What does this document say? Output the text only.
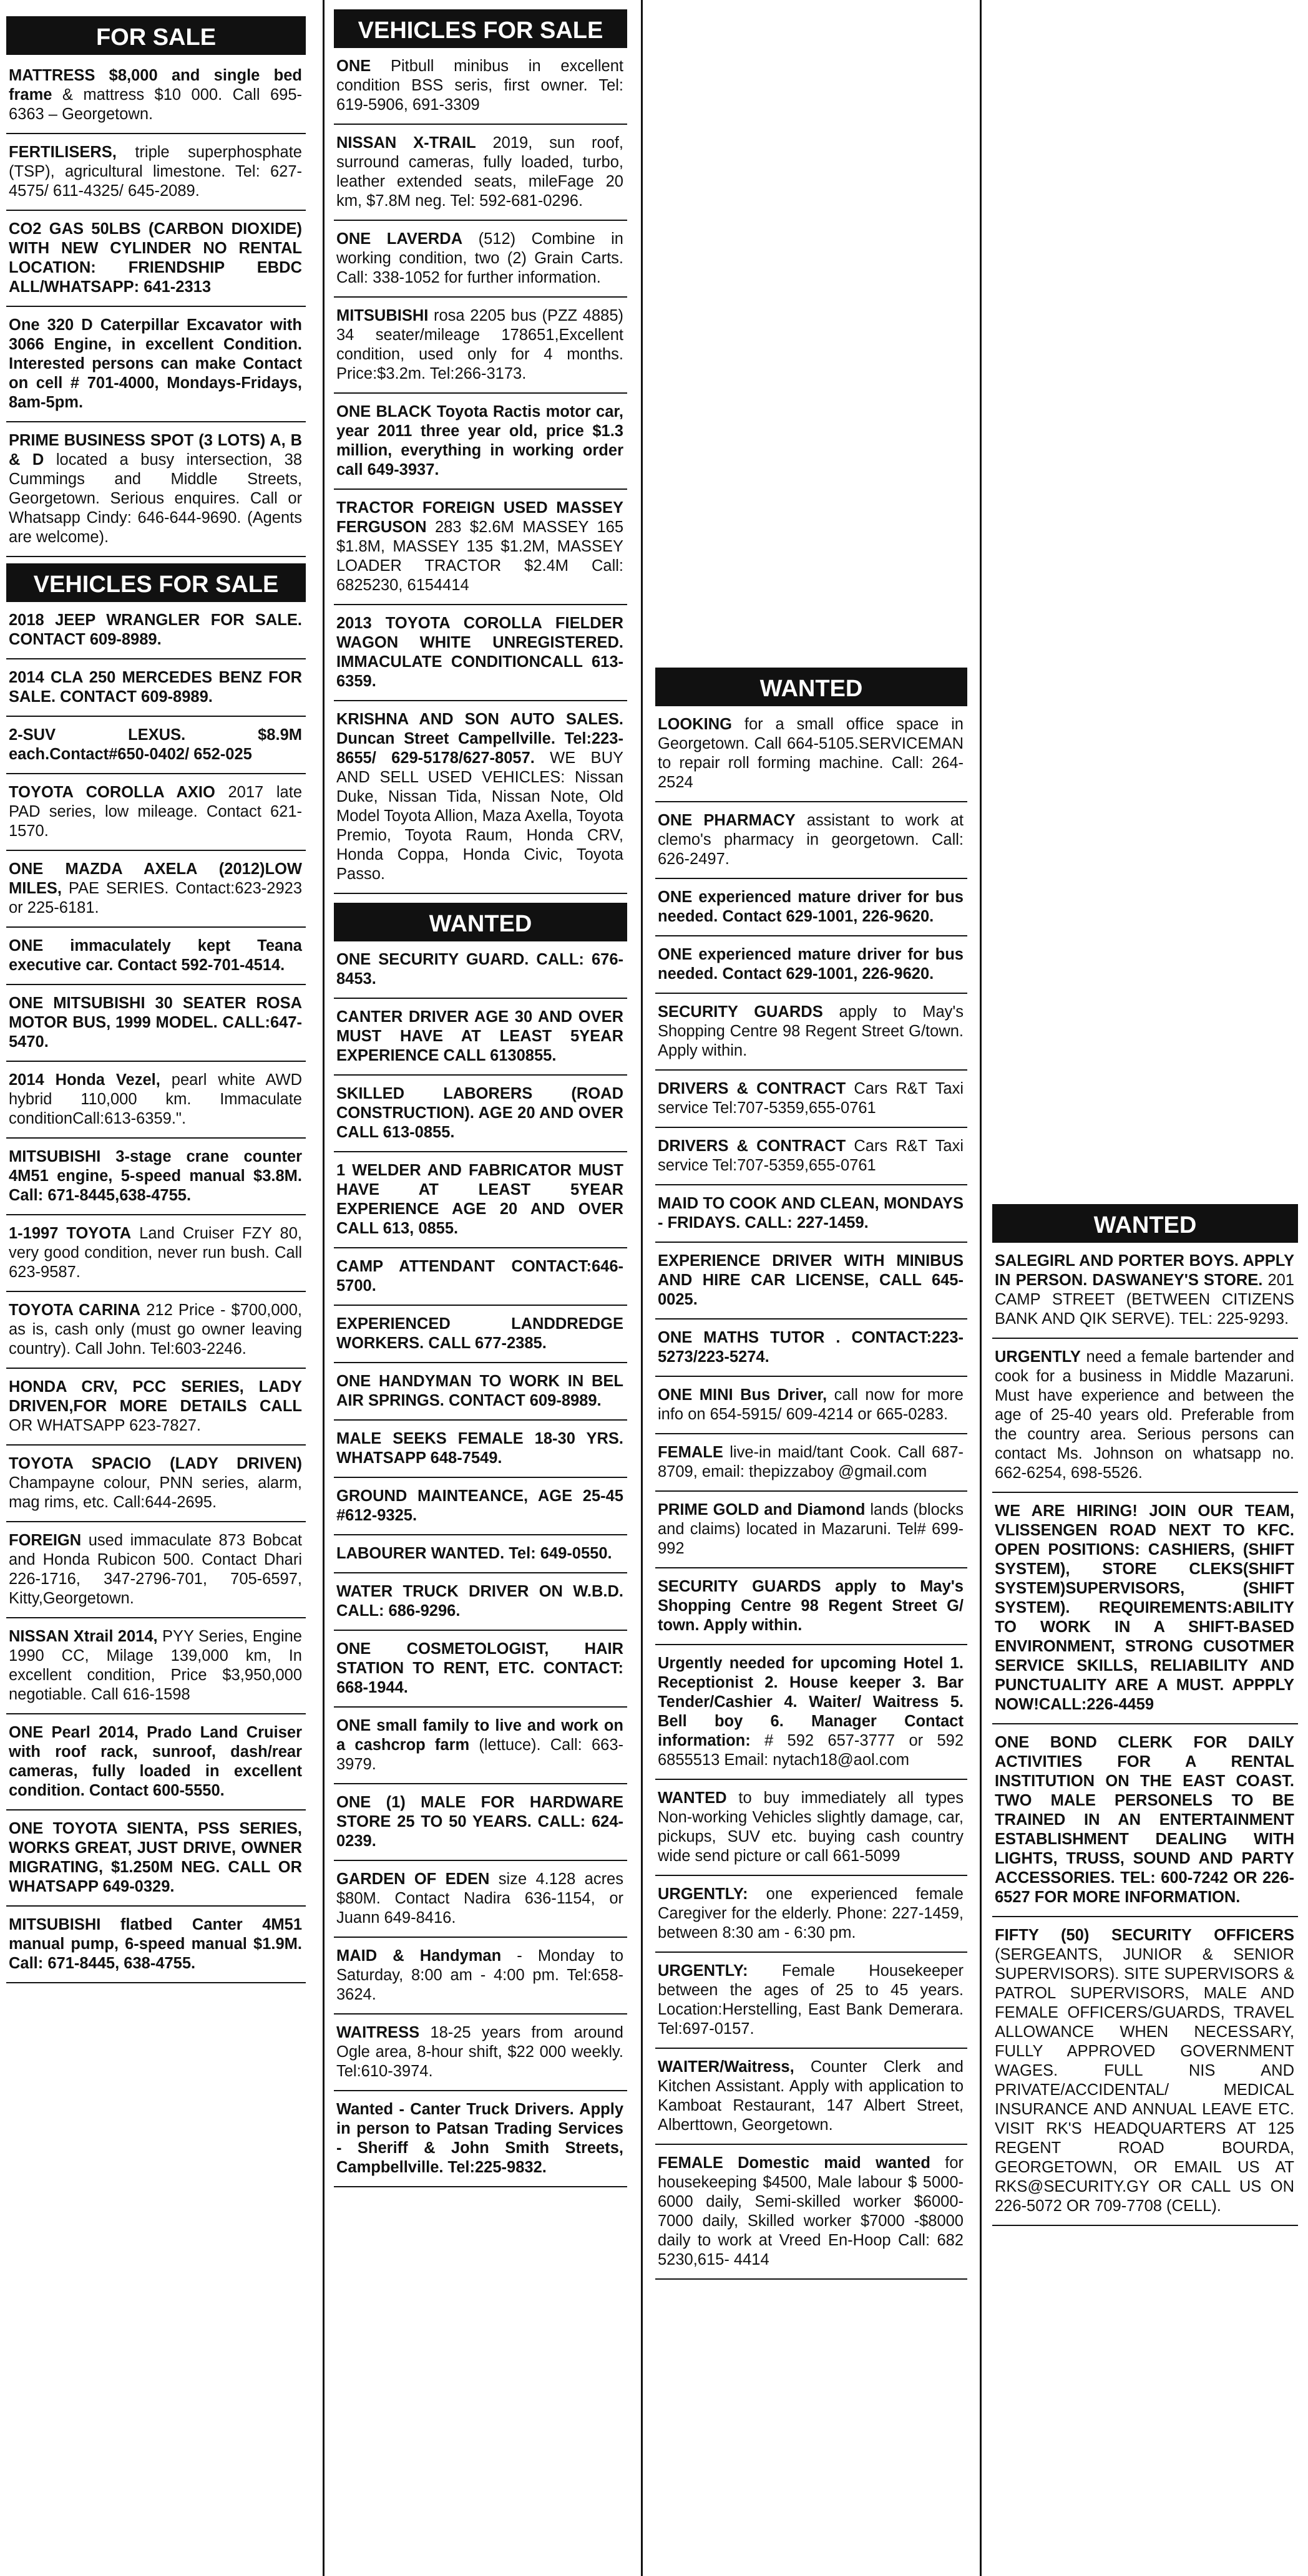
FOR SALE
MATTRESS $8,000 and single bed frame & mattress $10 000. Call 695-6363 – Georgetown.
FERTILISERS, triple superphosphate (TSP), agricultural limestone. Tel: 627-4575/ 611-4325/ 645-2089.
CO2 GAS 50LBS (CARBON DIOXIDE) WITH NEW CYLINDER NO RENTAL LOCATION: FRIENDSHIP EBDC ALL/WHATSAPP: 641-2313
One 320 D Caterpillar Excavator with 3066 Engine, in excellent Condition. Interested persons can make Contact on cell # 701-4000, Mondays-Fridays, 8am-5pm.
PRIME BUSINESS SPOT (3 LOTS) A, B & D located a busy intersection, 38 Cummings and Middle Streets, Georgetown. Serious enquires. Call or Whatsapp Cindy: 646-644-9690. (Agents are welcome).
VEHICLES FOR SALE
2018 JEEP WRANGLER FOR SALE. CONTACT 609-8989.
2014 CLA 250 MERCEDES BENZ FOR SALE. CONTACT 609-8989.
2-SUV LEXUS. $8.9M each.Contact#650-0402/ 652-025
TOYOTA COROLLA AXIO 2017 late PAD series, low mileage. Contact 621-1570.
ONE MAZDA AXELA (2012)LOW MILES, PAE SERIES. Contact:623-2923 or 225-6181.
ONE immaculately kept Teana executive car. Contact 592-701-4514.
ONE MITSUBISHI 30 SEATER ROSA MOTOR BUS, 1999 MODEL. CALL:647-5470.
2014 Honda Vezel, pearl white AWD hybrid 110,000 km. Immaculate conditionCall:613-6359.".
MITSUBISHI 3-stage crane counter 4M51 engine, 5-speed manual $3.8M. Call: 671-8445,638-4755.
1-1997 TOYOTA Land Cruiser FZY 80, very good condition, never run bush. Call 623-9587.
TOYOTA CARINA 212 Price - $700,000, as is, cash only (must go owner leaving country). Call John. Tel:603-2246.
HONDA CRV, PCC SERIES, LADY DRIVEN,FOR MORE DETAILS CALL OR WHATSAPP 623-7827.
TOYOTA SPACIO (LADY DRIVEN) Champayne colour, PNN series, alarm, mag rims, etc. Call:644-2695.
FOREIGN used immaculate 873 Bobcat and Honda Rubicon 500. Contact Dhari 226-1716, 347-2796-701, 705-6597, Kitty,Georgetown.
NISSAN Xtrail 2014, PYY Series, Engine 1990 CC, Milage 139,000 km, In excellent condition, Price $3,950,000 negotiable. Call 616-1598
ONE Pearl 2014, Prado Land Cruiser with roof rack, sunroof, dash/rear cameras, fully loaded in excellent condition. Contact 600-5550.
ONE TOYOTA SIENTA, PSS SERIES, WORKS GREAT, JUST DRIVE, OWNER MIGRATING, $1.250M NEG. CALL OR WHATSAPP 649-0329.
MITSUBISHI flatbed Canter 4M51 manual pump, 6-speed manual $1.9M. Call: 671-8445, 638-4755.
VEHICLES FOR SALE
ONE Pitbull minibus in excellent condition BSS seris, first owner. Tel: 619-5906, 691-3309
NISSAN X-TRAIL 2019, sun roof, surround cameras, fully loaded, turbo, leather extended seats, mileFage 20 km, $7.8M neg. Tel: 592-681-0296.
ONE LAVERDA (512) Combine in working condition, two (2) Grain Carts. Call: 338-1052 for further information.
MITSUBISHI rosa 2205 bus (PZZ 4885) 34 seater/mileage 178651,Excellent condition, used only for 4 months. Price:$3.2m. Tel:266-3173.
ONE BLACK Toyota Ractis motor car, year 2011 three year old, price $1.3 million, everything in working order call 649-3937.
TRACTOR FOREIGN USED MASSEY FERGUSON 283 $2.6M MASSEY 165 $1.8M, MASSEY 135 $1.2M, MASSEY LOADER TRACTOR $2.4M Call: 6825230, 6154414
2013 TOYOTA COROLLA FIELDER WAGON WHITE UNREGISTERED. IMMACULATE CONDITIONCALL 613-6359.
KRISHNA AND SON AUTO SALES. Duncan Street Campellville. Tel:223-8655/ 629-5178/627-8057. WE BUY AND SELL USED VEHICLES: Nissan Duke, Nissan Tida, Nissan Note, Old Model Toyota Allion, Maza Axella, Toyota Premio, Toyota Raum, Honda CRV, Honda Coppa, Honda Civic, Toyota Passo.
WANTED
ONE SECURITY GUARD. CALL: 676-8453.
CANTER DRIVER AGE 30 AND OVER MUST HAVE AT LEAST 5YEAR EXPERIENCE CALL 6130855.
SKILLED LABORERS (ROAD CONSTRUCTION). AGE 20 AND OVER CALL 613-0855.
1 WELDER AND FABRICATOR MUST HAVE AT LEAST 5YEAR EXPERIENCE AGE 20 AND OVER CALL 613, 0855.
CAMP ATTENDANT CONTACT:646-5700.
EXPERIENCED LANDDREDGE WORKERS. CALL 677-2385.
ONE HANDYMAN TO WORK IN BEL AIR SPRINGS. CONTACT 609-8989.
MALE SEEKS FEMALE 18-30 YRS. WHATSAPP 648-7549.
GROUND MAINTEANCE, AGE 25-45 #612-9325.
LABOURER WANTED. Tel: 649-0550.
WATER TRUCK DRIVER ON W.B.D. CALL: 686-9296.
ONE COSMETOLOGIST, HAIR STATION TO RENT, ETC. CONTACT: 668-1944.
ONE small family to live and work on a cashcrop farm (lettuce). Call: 663-3979.
ONE (1) MALE FOR HARDWARE STORE 25 TO 50 YEARS. CALL: 624-0239.
GARDEN OF EDEN size 4.128 acres $80M. Contact Nadira 636-1154, or Juann 649-8416.
MAID & Handyman - Monday to Saturday, 8:00 am - 4:00 pm. Tel:658-3624.
WAITRESS 18-25 years from around Ogle area, 8-hour shift, $22 000 weekly. Tel:610-3974.
Wanted - Canter Truck Drivers. Apply in person to Patsan Trading Services - Sheriff & John Smith Streets, Campbellville. Tel:225-9832.
WANTED
LOOKING for a small office space in Georgetown. Call 664-5105.SERVICEMAN to repair roll forming machine. Call: 264-2524
ONE PHARMACY assistant to work at clemo's pharmacy in georgetown. Call: 626-2497.
ONE experienced mature driver for bus needed. Contact 629-1001, 226-9620.
ONE experienced mature driver for bus needed. Contact 629-1001, 226-9620.
SECURITY GUARDS apply to May's Shopping Centre 98 Regent Street G/town. Apply within.
DRIVERS & CONTRACT Cars R&T Taxi service Tel:707-5359,655-0761
DRIVERS & CONTRACT Cars R&T Taxi service Tel:707-5359,655-0761
MAID TO COOK AND CLEAN, MONDAYS - FRIDAYS. CALL: 227-1459.
EXPERIENCE DRIVER WITH MINIBUS AND HIRE CAR LICENSE, CALL 645-0025.
ONE MATHS TUTOR . CONTACT:223-5273/223-5274.
ONE MINI Bus Driver, call now for more info on 654-5915/ 609-4214 or 665-0283.
FEMALE live-in maid/tant Cook. Call 687-8709, email: thepizzaboy @gmail.com
PRIME GOLD and Diamond lands (blocks and claims) located in Mazaruni. Tel# 699-992
SECURITY GUARDS apply to May's Shopping Centre 98 Regent Street G/ town. Apply within.
Urgently needed for upcoming Hotel 1. Receptionist 2. House keeper 3. Bar Tender/Cashier 4. Waiter/ Waitress 5. Bell boy 6. Manager Contact information: # 592 657-3777 or 592 6855513 Email: nytach18@aol.com
WANTED to buy immediately all types Non-working Vehicles slightly damage, car, pickups, SUV etc. buying cash country wide send picture or call 661-5099
URGENTLY: one experienced female Caregiver for the elderly. Phone: 227-1459, between 8:30 am - 6:30 pm.
URGENTLY: Female Housekeeper between the ages of 25 to 45 years. Location:Herstelling, East Bank Demerara. Tel:697-0157.
WAITER/Waitress, Counter Clerk and Kitchen Assistant. Apply with application to Kamboat Restaurant, 147 Albert Street, Alberttown, Georgetown.
FEMALE Domestic maid wanted for housekeeping $4500, Male labour $ 5000-6000 daily, Semi-skilled worker $6000-7000 daily, Skilled worker $7000 -$8000 daily to work at Vreed En-Hoop Call: 682 5230,615- 4414
WANTED
SALEGIRL AND PORTER BOYS. APPLY IN PERSON. DASWANEY'S STORE. 201 CAMP STREET (BETWEEN CITIZENS BANK AND QIK SERVE). TEL: 225-9293.
URGENTLY need a female bartender and cook for a business in Middle Mazaruni. Must have experience and between the age of 25-40 years old. Preferable from the country area. Serious persons can contact Ms. Johnson on whatsapp no. 662-6254, 698-5526.
WE ARE HIRING! JOIN OUR TEAM, VLISSENGEN ROAD NEXT TO KFC. OPEN POSITIONS: CASHIERS, (SHIFT SYSTEM), STORE CLEKS(SHIFT SYSTEM)SUPERVISORS, (SHIFT SYSTEM). REQUIREMENTS:ABILITY TO WORK IN A SHIFT-BASED ENVIRONMENT, STRONG CUSOTMER SERVICE SKILLS, RELIABILITY AND PUNCTUALITY ARE A MUST. APPPLY NOW!CALL:226-4459
ONE BOND CLERK FOR DAILY ACTIVITIES FOR A RENTAL INSTITUTION ON THE EAST COAST. TWO MALE PERSONELS TO BE TRAINED IN AN ENTERTAINMENT ESTABLISHMENT DEALING WITH LIGHTS, TRUSS, SOUND AND PARTY ACCESSORIES. TEL: 600-7242 OR 226-6527 FOR MORE INFORMATION.
FIFTY (50) SECURITY OFFICERS (SERGEANTS, JUNIOR & SENIOR SUPERVISORS). SITE SUPERVISORS & PATROL SUPERVISORS, MALE AND FEMALE OFFICERS/GUARDS, TRAVEL ALLOWANCE WHEN NECESSARY, FULLY APPROVED GOVERNMENT WAGES. FULL NIS AND PRIVATE/ACCIDENTAL/ MEDICAL INSURANCE AND ANNUAL LEAVE ETC. VISIT RK'S HEADQUARTERS AT 125 REGENT ROAD BOURDA, GEORGETOWN, OR EMAIL US AT RKS@SECURITY.GY OR CALL US ON 226-5072 OR 709-7708 (CELL).
